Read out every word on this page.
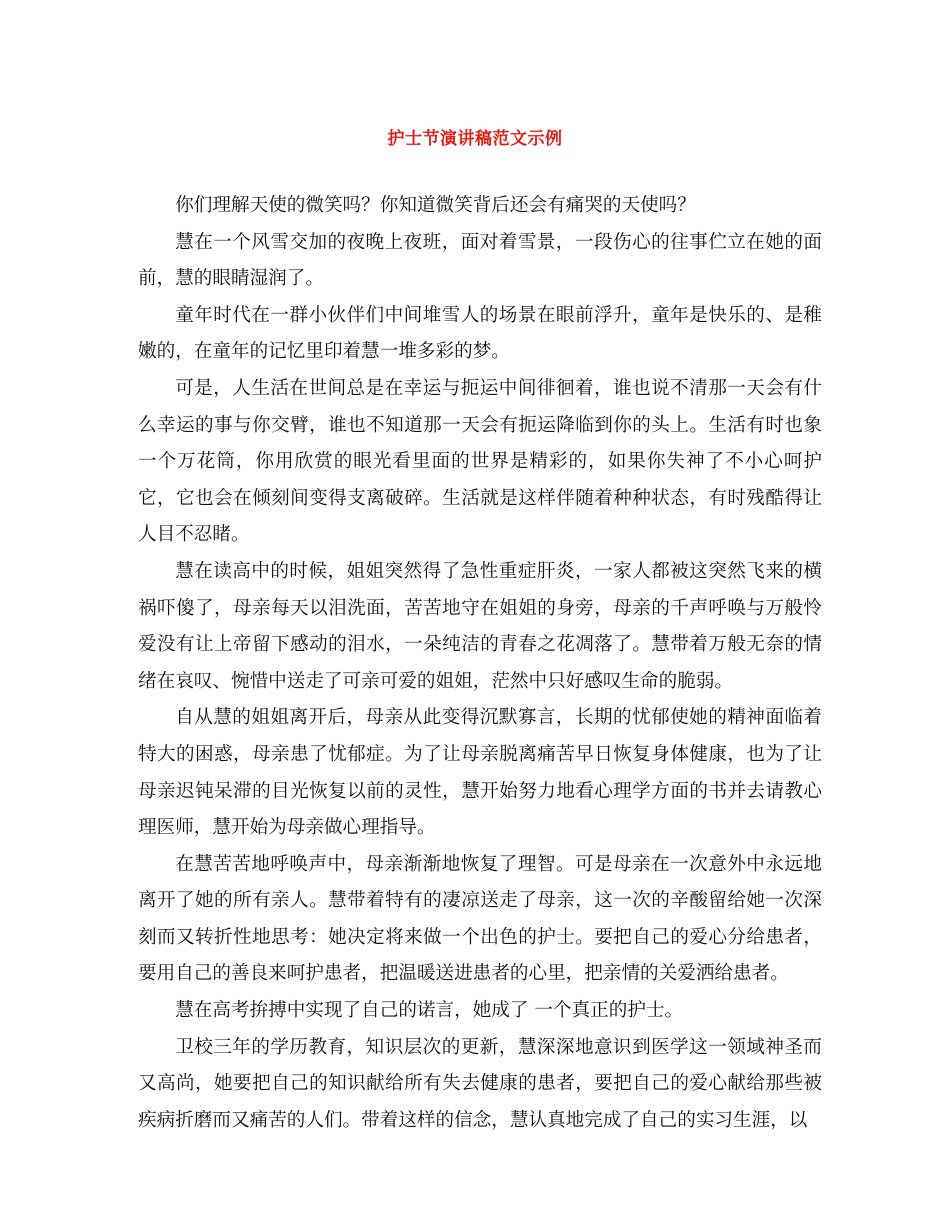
护士节演讲稿范文示例

你们理解天使的微笑吗？你知道微笑背后还会有痛哭的天使吗？

慧在一个风雪交加的夜晚上夜班，面对着雪景，一段伤心的往事伫立在她的面前，慧的眼睛湿润了。

童年时代在一群小伙伴们中间堆雪人的场景在眼前浮升，童年是快乐的、是稚嫩的，在童年的记忆里印着慧一堆多彩的梦。

可是，人生活在世间总是在幸运与扼运中间徘徊着，谁也说不清那一天会有什么幸运的事与你交臂，谁也不知道那一天会有扼运降临到你的头上。生活有时也象一个万花筒，你用欣赏的眼光看里面的世界是精彩的，如果你失神了不小心呵护它，它也会在倾刻间变得支离破碎。生活就是这样伴随着种种状态，有时残酷得让人目不忍睹。

慧在读高中的时候，姐姐突然得了急性重症肝炎，一家人都被这突然飞来的横祸吓傻了，母亲每天以泪洗面，苦苦地守在姐姐的身旁，母亲的千声呼唤与万般怜爱没有让上帝留下感动的泪水，一朵纯洁的青春之花凋落了。慧带着万般无奈的情绪在哀叹、惋惜中送走了可亲可爱的姐姐，茫然中只好感叹生命的脆弱。

自从慧的姐姐离开后，母亲从此变得沉默寡言，长期的忧郁使她的精神面临着特大的困惑，母亲患了忧郁症。为了让母亲脱离痛苦早日恢复身体健康，也为了让母亲迟钝呆滞的目光恢复以前的灵性，慧开始努力地看心理学方面的书并去请教心理医师，慧开始为母亲做心理指导。

在慧苦苦地呼唤声中，母亲渐渐地恢复了理智。可是母亲在一次意外中永远地离开了她的所有亲人。慧带着特有的凄凉送走了母亲，这一次的辛酸留给她一次深刻而又转折性地思考：她决定将来做一个出色的护士。要把自己的爱心分给患者，要用自己的善良来呵护患者，把温暖送进患者的心里，把亲情的关爱洒给患者。

慧在高考拚搏中实现了自己的诺言，她成了 一个真正的护士。

卫校三年的学历教育，知识层次的更新，慧深深地意识到医学这一领域神圣而又高尚，她要把自己的知识献给所有失去健康的患者，要把自己的爱心献给那些被疾病折磨而又痛苦的人们。带着这样的信念，慧认真地完成了自己的实习生涯，以
